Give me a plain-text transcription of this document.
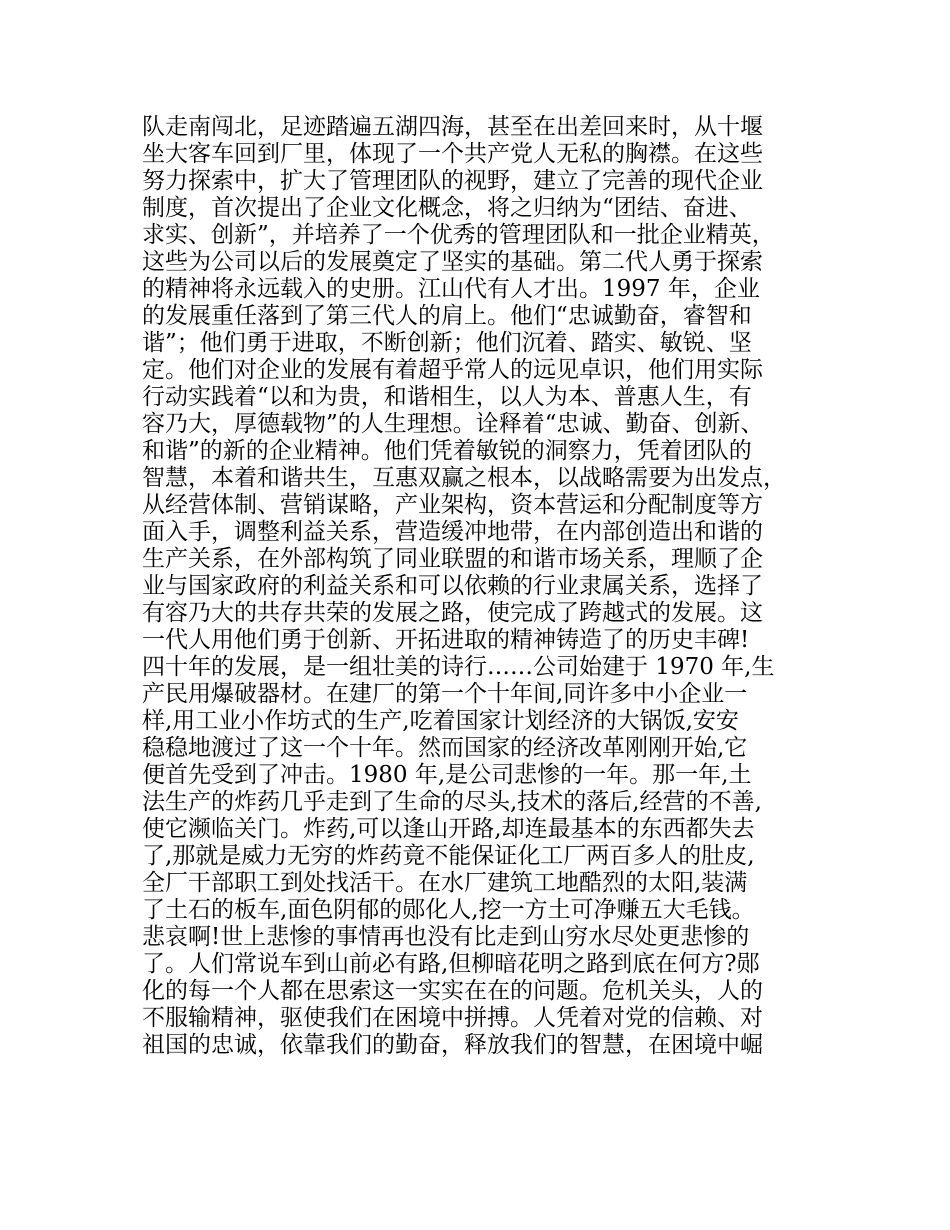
队走南闯北，足迹踏遍五湖四海，甚至在出差回来时，从十堰
坐大客车回到厂里，体现了一个共产党人无私的胸襟。在这些
努力探索中，扩大了管理团队的视野，建立了完善的现代企业
制度，首次提出了企业文化概念，将之归纳为“团结、奋进、
求实、创新”，并培养了一个优秀的管理团队和一批企业精英，
这些为公司以后的发展奠定了坚实的基础。第二代人勇于探索
的精神将永远载入的史册。江山代有人才出。1997 年，企业
的发展重任落到了第三代人的肩上。他们“忠诚勤奋，睿智和
谐”；他们勇于进取，不断创新；他们沉着、踏实、敏锐、坚
定。他们对企业的发展有着超乎常人的远见卓识，他们用实际
行动实践着“以和为贵，和谐相生，以人为本、普惠人生，有
容乃大，厚德载物”的人生理想。诠释着“忠诚、勤奋、创新、
和谐”的新的企业精神。他们凭着敏锐的洞察力，凭着团队的
智慧，本着和谐共生，互惠双赢之根本，以战略需要为出发点，
从经营体制、营销谋略，产业架构，资本营运和分配制度等方
面入手，调整利益关系，营造缓冲地带，在内部创造出和谐的
生产关系，在外部构筑了同业联盟的和谐市场关系，理顺了企
业与国家政府的利益关系和可以依赖的行业隶属关系，选择了
有容乃大的共存共荣的发展之路，使完成了跨越式的发展。这
一代人用他们勇于创新、开拓进取的精神铸造了的历史丰碑!
四十年的发展，是一组壮美的诗行……公司始建于 1970 年,生
产民用爆破器材。在建厂的第一个十年间,同许多中小企业一
样,用工业小作坊式的生产,吃着国家计划经济的大锅饭,安安
稳稳地渡过了这一个十年。然而国家的经济改革刚刚开始,它
便首先受到了冲击。1980 年,是公司悲惨的一年。那一年,土
法生产的炸药几乎走到了生命的尽头,技术的落后,经营的不善,
使它濒临关门。炸药,可以逢山开路,却连最基本的东西都失去
了,那就是威力无穷的炸药竟不能保证化工厂两百多人的肚皮,
全厂干部职工到处找活干。在水厂建筑工地酷烈的太阳,装满
了土石的板车,面色阴郁的郧化人,挖一方土可净赚五大毛钱。
悲哀啊!世上悲惨的事情再也没有比走到山穷水尽处更悲惨的
了。人们常说车到山前必有路,但柳暗花明之路到底在何方?郧
化的每一个人都在思索这一实实在在的问题。危机关头，人的
不服输精神，驱使我们在困境中拼搏。人凭着对党的信赖、对
祖国的忠诚，依靠我们的勤奋，释放我们的智慧，在困境中崛
